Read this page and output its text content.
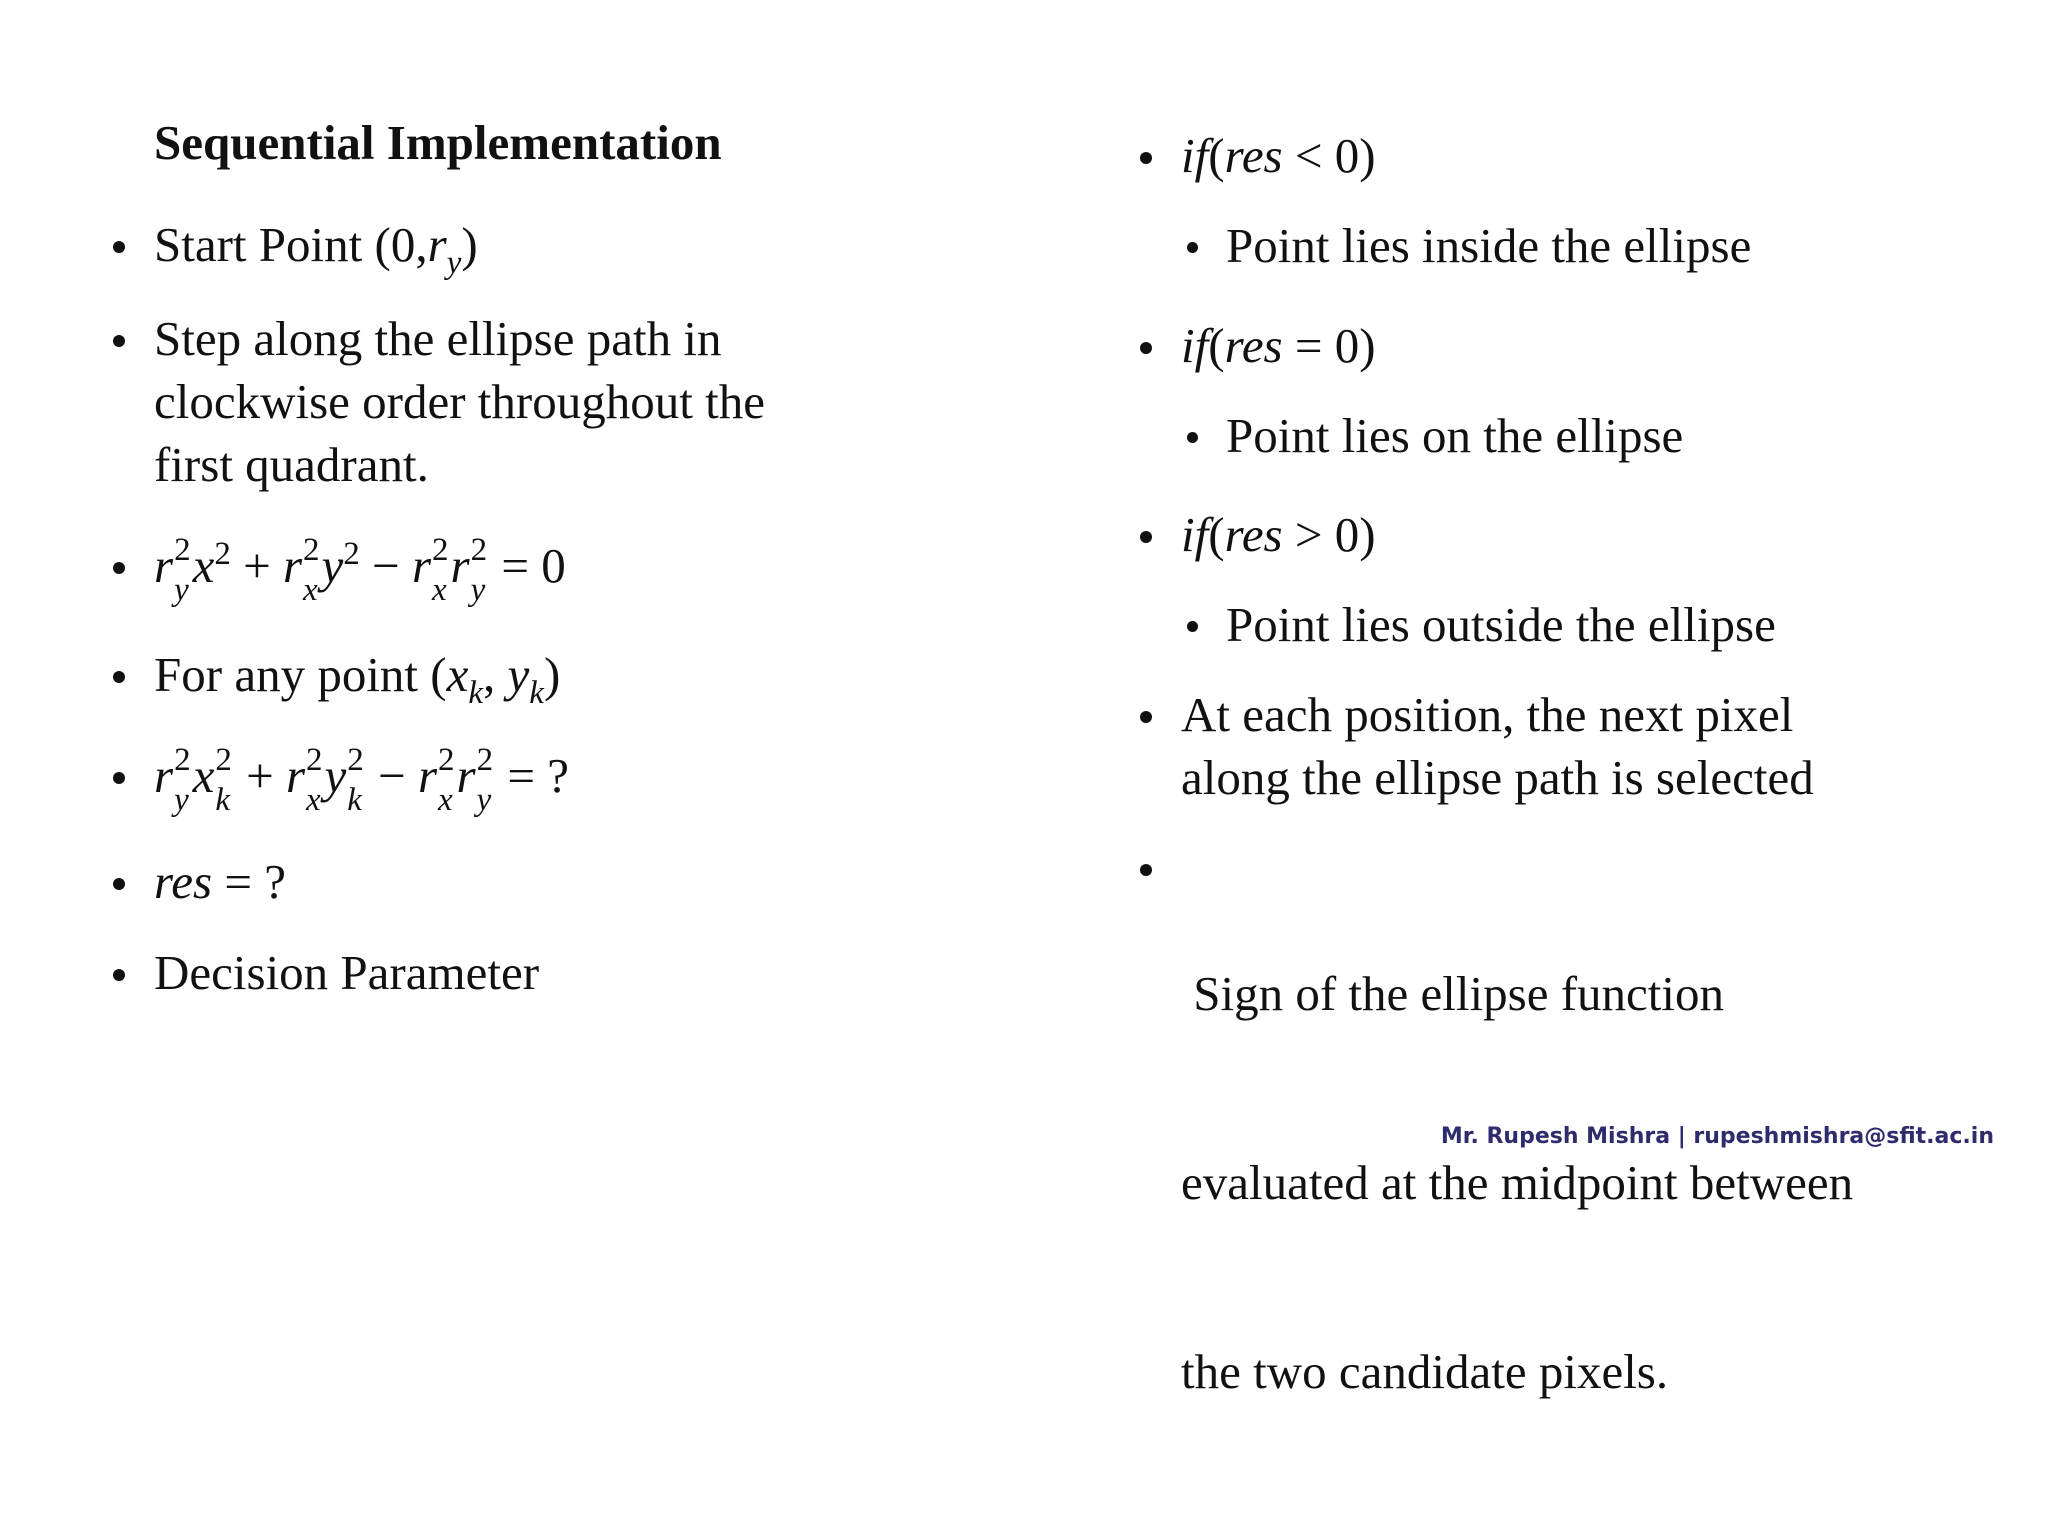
Sequential Implementation
Start Point $(0,r_y)$
Step along the ellipse path in
clockwise order throughout the
first quadrant.
r 2
y $x^2 + r$ 2
x $y^2 - r$ 2
x r 2
y = 0
For any point ($x_k$, $y_k$)
r 2
y x 2
k + r 2
x y 2
k − r 2
x r 2
y = ?
res = ?
Decision Parameter
if(res < 0)
Point lies inside the ellipse
if(res = 0)
Point lies on the ellipse
if(res > 0)
Point lies outside the ellipse
At each position, the next pixel
along the ellipse path is selected

Sign of the ellipse function

evaluated at the midpoint between

the two candidate pixels.

Mr. Rupesh Mishra | rupeshmishra@sfit.ac.in
